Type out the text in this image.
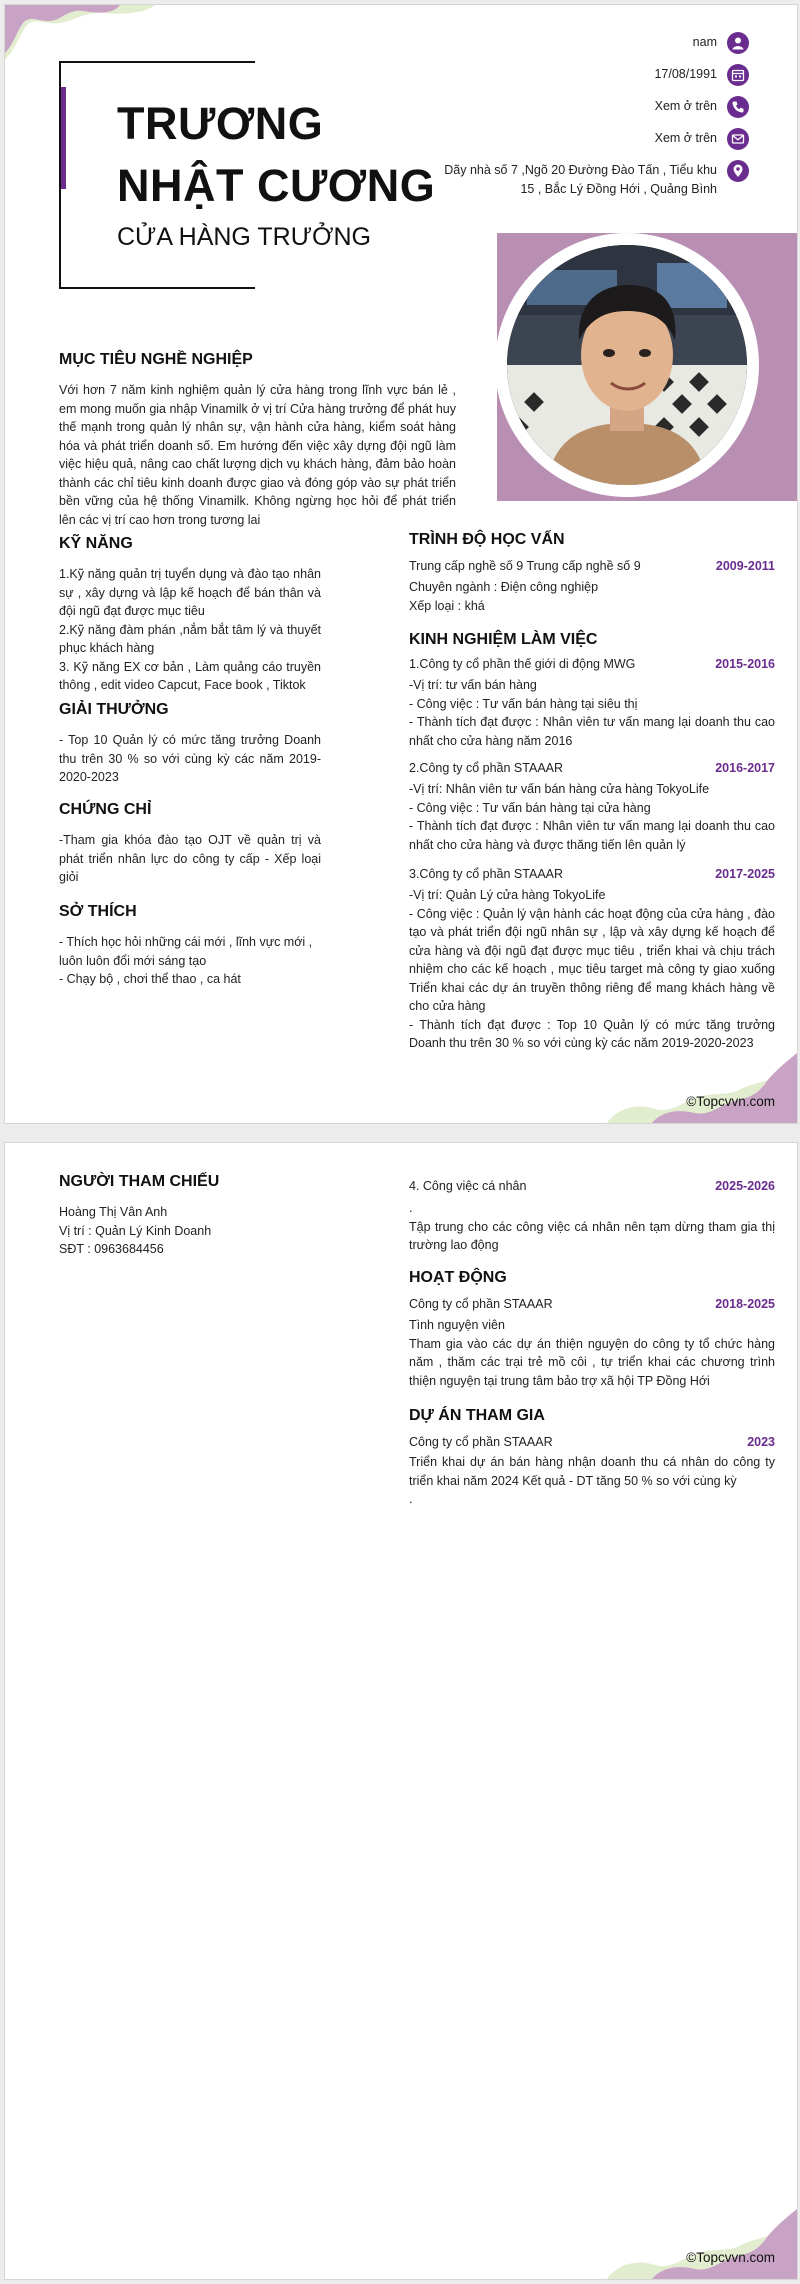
TRƯƠNG
NHẬT CƯƠNG
CỬA HÀNG TRƯỞNG
nam
17/08/1991
Xem ở trên
Xem ở trên
Dãy nhà số 7 ,Ngõ 20 Đường Đào Tấn , Tiểu khu
15 , Bắc Lý Đồng Hới , Quảng Bình
MỤC TIÊU NGHỀ NGHIỆP
Với hơn 7 năm kinh nghiệm quản lý cửa hàng trong lĩnh vực bán lẻ , em mong muốn gia nhập Vinamilk ở vị trí Cửa hàng trưởng để phát huy thế mạnh trong quản lý nhân sự, vận hành cửa hàng, kiểm soát hàng hóa và phát triển doanh số. Em hướng đến việc xây dựng đội ngũ làm việc hiệu quả, nâng cao chất lượng dịch vụ khách hàng, đảm bảo hoàn thành các chỉ tiêu kinh doanh được giao và đóng góp vào sự phát triển bền vững của hệ thống Vinamilk. Không ngừng học hỏi để phát triển lên các vị trí cao hơn trong tương lai
KỸ NĂNG
1.Kỹ năng quản trị tuyển dụng và đào tạo nhân sự , xây dựng và lập kế hoạch để bán thân và đội ngũ đạt được mục tiêu
2.Kỹ năng đàm phán ,nắm bắt tâm lý và thuyết phục khách hàng
3. Kỹ năng EX cơ bản , Làm quảng cáo truyền thông , edit video Capcut, Face book , Tiktok
GIẢI THƯỞNG
- Top 10 Quản lý có mức tăng trưởng Doanh thu trên 30 % so với cùng kỳ các năm 2019-2020-2023
CHỨNG CHỈ
-Tham gia khóa đào tạo OJT về quản trị và phát triển nhân lực do công ty cấp - Xếp loại giỏi
SỞ THÍCH
- Thích học hỏi những cái mới , lĩnh vực mới , luôn luôn đổi mới sáng tạo
- Chạy bộ , chơi thể thao , ca hát
TRÌNH ĐỘ HỌC VẤN
Trung cấp nghề số 9 Trung cấp nghề số 9	2009-2011
Chuyên ngành : Điện công nghiệp
Xếp loại : khá
KINH NGHIỆM LÀM VIỆC
1.Công ty cổ phần thế giới di động MWG	2015-2016
-Vị trí: tư vấn bán hàng
- Công việc : Tư vấn bán hàng tại siêu thị
- Thành tích đạt được : Nhân viên tư vấn mang lại doanh thu cao nhất cho cửa hàng năm 2016
2.Công ty cổ phần STAAAR	2016-2017
-Vị trí: Nhân viên tư vấn bán hàng cửa hàng TokyoLife
- Công việc : Tư vấn bán hàng tại cửa hàng
- Thành tích đạt được : Nhân viên tư vấn mang lại doanh thu cao nhất cho cửa hàng và được thăng tiến lên quản lý
3.Công ty cổ phần STAAAR	2017-2025
-Vị trí: Quản Lý cửa hàng TokyoLife
- Công việc : Quản lý vận hành các hoạt động của cửa hàng , đào tạo và phát triển đội ngũ nhân sự , lập và xây dựng kế hoạch để cửa hàng và đội ngũ đạt được mục tiêu , triển khai và chịu trách nhiệm cho các kế hoạch , mục tiêu target mà công ty giao xuống Triển khai các dự án truyền thông riêng để mang khách hàng về cho cửa hàng
- Thành tích đạt được : Top 10 Quản lý có mức tăng trưởng Doanh thu trên 30 % so với cùng kỳ các năm 2019-2020-2023
©Topcvvn.com
NGƯỜI THAM CHIẾU
Hoàng Thị Vân Anh
Vị trí : Quản Lý Kinh Doanh
SĐT : 0963684456
4. Công việc cá nhân	2025-2026
.
Tập trung cho các công việc cá nhân nên tạm dừng tham gia thị trường lao động
HOẠT ĐỘNG
Công ty cổ phần STAAAR	2018-2025
Tình nguyện viên
Tham gia vào các dự án thiện nguyện do công ty tổ chức hàng năm , thăm các trại trẻ mồ côi , tự triển khai các chương trình thiện nguyện tại trung tâm bảo trợ xã hội TP Đồng Hới
DỰ ÁN THAM GIA
Công ty cổ phần STAAAR	2023
Triển khai dự án bán hàng nhận doanh thu cá nhân do công ty triển khai năm 2024 Kết quả - DT tăng 50 % so với cùng kỳ
.
©Topcvvn.com
